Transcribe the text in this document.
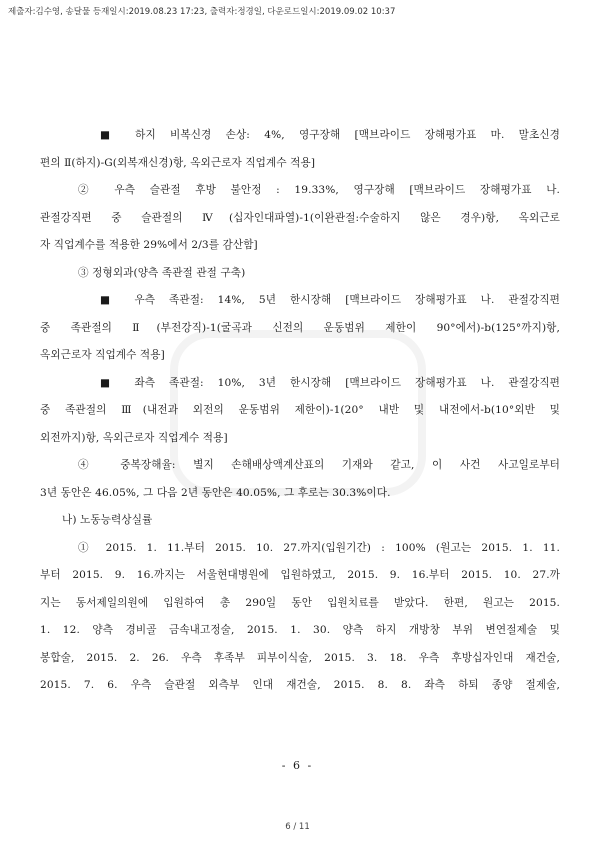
제출자:김수영, 송달물 등재일시:2019.08.23 17:23, 출력자:정경일, 다운로드일시:2019.09.02 10:37
■ 하지 비복신경 손상: 4%, 영구장해 [맥브라이드 장해평가표 마. 말초신경
편의 Ⅱ(하지)-G(외복재신경)항, 옥외근로자 직업계수 적용]
② 우측 슬관절 후방 불안정 : 19.33%, 영구장해 [맥브라이드 장해평가표 나.
관절강직편 중 슬관절의 Ⅳ(십자인대파열)-1(이완관절:수술하지 않은 경우)항, 옥외근로
자 직업계수를 적용한 29%에서 2/3를 감산함]
③ 정형외과(양측 족관절 관절 구축)
■ 우측 족관절: 14%, 5년 한시장해 [맥브라이드 장해평가표 나. 관절강직편
중 족관절의 Ⅱ(부전강직)-1(굴곡과 신전의 운동범위 제한이 90°에서)-b(125°까지)항,
옥외근로자 직업계수 적용]
■ 좌측 족관절: 10%, 3년 한시장해 [맥브라이드 장해평가표 나. 관절강직편
중 족관절의 Ⅲ(내전과 외전의 운동범위 제한이)-1(20° 내반 및 내전에서-b(10°외반 및
외전까지)항, 옥외근로자 직업계수 적용]
④ 중복장해율: 별지 손해배상액계산표의 기재와 같고, 이 사건 사고일로부터
3년 동안은 46.05%, 그 다음 2년 동안은 40.05%, 그 후로는 30.3%이다.
나) 노동능력상실률
① 2015. 1. 11.부터 2015. 10. 27.까지(입원기간) : 100% (원고는 2015. 1. 11.
부터 2015. 9. 16.까지는 서울현대병원에 입원하였고, 2015. 9. 16.부터 2015. 10. 27.까
지는 동서제일의원에 입원하여 총 290일 동안 입원치료를 받았다. 한편, 원고는 2015.
1. 12. 양측 경비골 금속내고정술, 2015. 1. 30. 양측 하지 개방창 부위 변연절제술 및
봉합술, 2015. 2. 26. 우측 후족부 피부이식술, 2015. 3. 18. 우측 후방십자인대 재건술,
2015. 7. 6. 우측 슬관절 외측부 인대 재건술, 2015. 8. 8. 좌측 하퇴 종양 절제술,
- 6 -
6 / 11
